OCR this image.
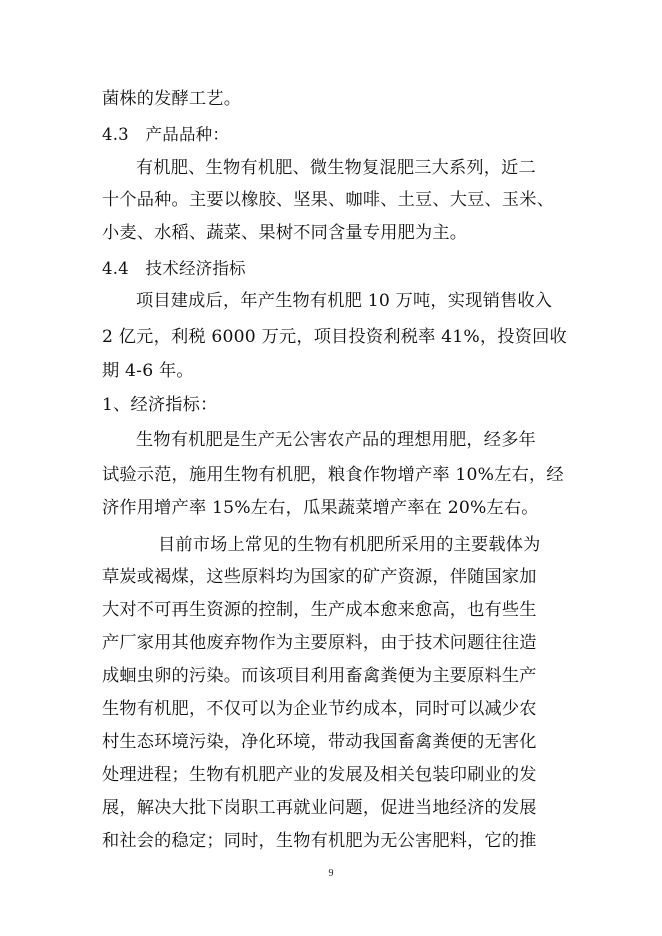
菌株的发酵工艺。
4.3　产品品种：
有机肥、生物有机肥、微生物复混肥三大系列，近二
十个品种。主要以橡胶、坚果、咖啡、土豆、大豆、玉米、
小麦、水稻、蔬菜、果树不同含量专用肥为主。
4.4　技术经济指标
项目建成后，年产生物有机肥 10 万吨，实现销售收入
2 亿元，利税 6000 万元，项目投资利税率 41%，投资回收
期 4-6 年。
1、经济指标：
生物有机肥是生产无公害农产品的理想用肥，经多年
试验示范，施用生物有机肥，粮食作物增产率 10%左右，经
济作用增产率 15%左右，瓜果蔬菜增产率在 20%左右。
目前市场上常见的生物有机肥所采用的主要载体为
草炭或褐煤，这些原料均为国家的矿产资源，伴随国家加
大对不可再生资源的控制，生产成本愈来愈高，也有些生
产厂家用其他废弃物作为主要原料，由于技术问题往往造
成蛔虫卵的污染。而该项目利用畜禽粪便为主要原料生产
生物有机肥，不仅可以为企业节约成本，同时可以减少农
村生态环境污染，净化环境，带动我国畜禽粪便的无害化
处理进程；生物有机肥产业的发展及相关包装印刷业的发
展，解决大批下岗职工再就业问题，促进当地经济的发展
和社会的稳定；同时，生物有机肥为无公害肥料，它的推
9
